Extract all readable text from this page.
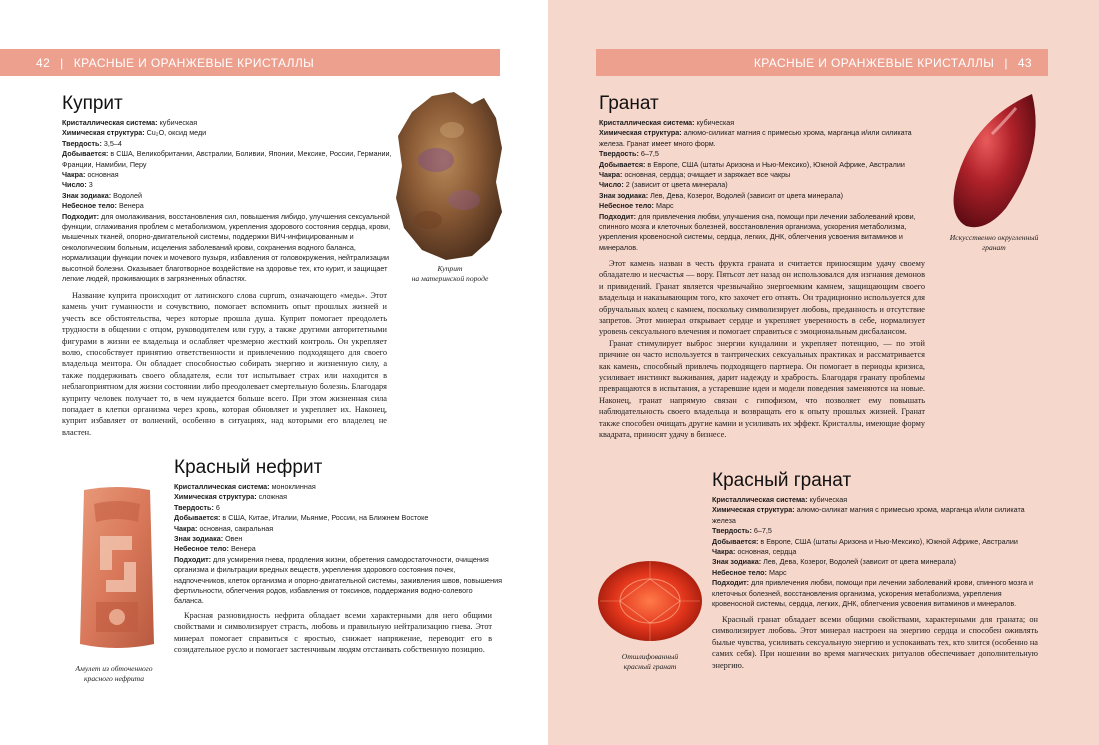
42 | КРАСНЫЕ И ОРАНЖЕВЫЕ КРИСТАЛЛЫ
Куприт
Кристаллическая система: кубическая
Химическая структура: Cu₂O, оксид меди
Твердость: 3,5–4
Добывается: в США, Великобритании, Австралии, Боливии, Японии, Мексике, России, Германии, Франции, Намибии, Перу
Чакра: основная
Число: 3
Знак зодиака: Водолей
Небесное тело: Венера
Подходит: для омолаживания, восстановления сил, повышения либидо, улучшения сексуальной функции, сглаживания проблем с метаболизмом, укрепления здорового состояния сердца, крови, мышечных тканей, опорно-двигательной системы, поддержки ВИЧ-инфицированным и онкологическим больным, исцеления заболеваний крови, сохранения водного баланса, нормализации функции почек и мочевого пузыря, избавления от головокружения, нейтрализации высотной болезни. Оказывает благотворное воздействие на здоровье тех, кто курит, и защищает легкие людей, проживающих в загрязненных областях.

Название куприта происходит от латинского слова cuprum, означающего «медь». Этот камень учит гуманности и сочувствию, помогает вспомнить опыт прошлых жизней и учесть все обстоятельства, через которые прошла душа. Куприт помогает преодолеть трудности в общении с отцом, руководителем или гуру, а также другими авторитетными фигурами в жизни ее владельца и ослабляет чрезмерно жесткий контроль. Он укрепляет волю, способствует принятию ответственности и привлечению подходящего для своего владельца ментора. Он обладает способностью собирать энергию и жизненную силу, а также поддерживать своего обладателя, если тот испытывает страх или находится в неблагоприятном для жизни состоянии либо преодолевает смертельную болезнь. Благодаря куприту человек получает то, в чем нуждается больше всего. При этом жизненная сила попадает в клетки организма через кровь, которая обновляет и укрепляет их. Наконец, куприт избавляет от волнений, особенно в ситуациях, над которыми его владелец не властен.

Куприт
на материнской породе
Красный нефрит
Кристаллическая система: моноклинная
Химическая структура: сложная
Твердость: 6
Добывается: в США, Китае, Италии, Мьянме, России, на Ближнем Востоке
Чакра: основная, сакральная
Знак зодиака: Овен
Небесное тело: Венера
Подходит: для усмирения гнева, продления жизни, обретения самодостаточности, очищения организма и фильтрации вредных веществ, укрепления здорового состояния почек, надпочечников, клеток организма и опорно-двигательной системы, заживления швов, повышения фертильности, облегчения родов, избавления от токсинов, поддержания водно-солевого баланса.

Красная разновидность нефрита обладает всеми характерными для него общими свойствами и символизирует страсть, любовь и правильную нейтрализацию гнева. Этот минерал помогает справиться с яростью, снижает напряжение, переводит его в созидательное русло и помогает застенчивым людям отстаивать собственную позицию.

Амулет из обточенного
красного нефрита
КРАСНЫЕ И ОРАНЖЕВЫЕ КРИСТАЛЛЫ | 43
Гранат
Кристаллическая система: кубическая
Химическая структура: алюмо-силикат магния с примесью хрома, марганца и/или силиката железа. Гранат имеет много форм.
Твердость: 6–7,5
Добывается: в Европе, США (штаты Аризона и Нью-Мексико), Южной Африке, Австралии
Чакра: основная, сердца; очищает и заряжает все чакры
Число: 2 (зависит от цвета минерала)
Знак зодиака: Лев, Дева, Козерог, Водолей (зависит от цвета минерала)
Небесное тело: Марс
Подходит: для привлечения любви, улучшения сна, помощи при лечении заболеваний крови, спинного мозга и клеточных болезней, восстановления организма, ускорения метаболизма, укрепления кровеносной системы, сердца, легких, ДНК, облегчения усвоения витаминов и минералов.

Этот камень назван в честь фрукта граната и считается приносящим удачу своему обладателю и несчастья — вору. Пятьсот лет назад он использовался для изгнания демонов и привидений. Гранат является чрезвычайно энергоемким камнем, защищающим своего владельца и наказывающим того, кто захочет его отнять. Он традиционно используется для обручальных колец с камнем, поскольку символизирует любовь, преданность и отсутствие запретов. Этот минерал открывает сердце и укрепляет уверенность в себе, нормализует уровень сексуального влечения и помогает справиться с эмоциональным дисбалансом.

Гранат стимулирует выброс энергии кундалини и укрепляет потенцию, — по этой причине он часто используется в тантрических сексуальных практиках и рассматривается как камень, способный привлечь подходящего партнера. Он помогает в периоды кризиса, усиливает инстинкт выживания, дарит надежду и храбрость. Благодаря гранату проблемы превращаются в испытания, а устаревшие идеи и модели поведения заменяются на новые. Наконец, гранат напрямую связан с гипофизом, что позволяет ему повышать наблюдательность своего владельца и возвращать его к опыту прошлых жизней. Гранат также способен очищать другие камни и усиливать их эффект. Кристаллы, имеющие форму квадрата, приносят удачу в бизнесе.

Искусственно округленный
гранат
Красный гранат
Кристаллическая система: кубическая
Химическая структура: алюмо-силикат магния с примесью хрома, марганца и/или силиката железа
Твердость: 6–7,5
Добывается: в Европе, США (штаты Аризона и Нью-Мексико), Южной Африке, Австралии
Чакра: основная, сердца
Знак зодиака: Лев, Дева, Козерог, Водолей (зависит от цвета минерала)
Небесное тело: Марс
Подходит: для привлечения любви, помощи при лечении заболеваний крови, спинного мозга и клеточных болезней, восстановления организма, ускорения метаболизма, укрепления кровеносной системы, сердца, легких, ДНК, облегчения усвоения витаминов и минералов.

Красный гранат обладает всеми общими свойствами, характерными для граната; он символизирует любовь. Этот минерал настроен на энергию сердца и способен оживлять былые чувства, усиливать сексуальную энергию и успокаивать тех, кто злится (особенно на самих себя). При ношении во время магических ритуалов обеспечивает дополнительную энергию.

Отшлифованный
красный гранат
